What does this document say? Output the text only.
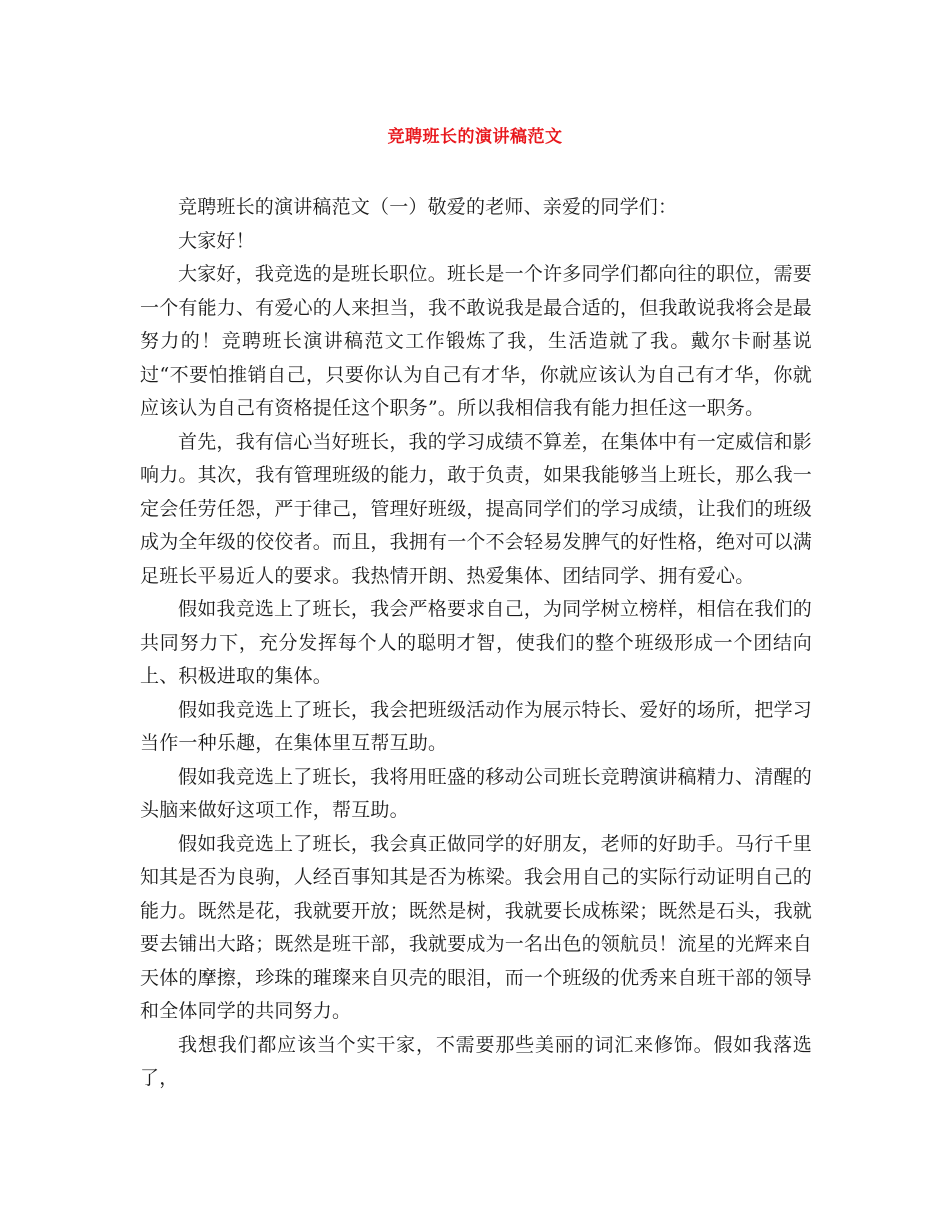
竞聘班长的演讲稿范文

竞聘班长的演讲稿范文（一）敬爱的老师、亲爱的同学们：

大家好！

大家好，我竞选的是班长职位。班长是一个许多同学们都向往的职位，需要一个有能力、有爱心的人来担当，我不敢说我是最合适的，但我敢说我将会是最努力的！竞聘班长演讲稿范文工作锻炼了我，生活造就了我。戴尔卡耐基说过“不要怕推销自己，只要你认为自己有才华，你就应该认为自己有才华，你就应该认为自己有资格提任这个职务”。所以我相信我有能力担任这一职务。

首先，我有信心当好班长，我的学习成绩不算差，在集体中有一定威信和影响力。其次，我有管理班级的能力，敢于负责，如果我能够当上班长，那么我一定会任劳任怨，严于律己，管理好班级，提高同学们的学习成绩，让我们的班级成为全年级的佼佼者。而且，我拥有一个不会轻易发脾气的好性格，绝对可以满足班长平易近人的要求。我热情开朗、热爱集体、团结同学、拥有爱心。

假如我竞选上了班长，我会严格要求自己，为同学树立榜样，相信在我们的共同努力下，充分发挥每个人的聪明才智，使我们的整个班级形成一个团结向上、积极进取的集体。

假如我竞选上了班长，我会把班级活动作为展示特长、爱好的场所，把学习当作一种乐趣，在集体里互帮互助。

假如我竞选上了班长，我将用旺盛的移动公司班长竞聘演讲稿精力、清醒的头脑来做好这项工作，帮互助。

假如我竞选上了班长，我会真正做同学的好朋友，老师的好助手。马行千里知其是否为良驹，人经百事知其是否为栋梁。我会用自己的实际行动证明自己的能力。既然是花，我就要开放；既然是树，我就要长成栋梁；既然是石头，我就要去铺出大路；既然是班干部，我就要成为一名出色的领航员！流星的光辉来自天体的摩擦，珍珠的璀璨来自贝壳的眼泪，而一个班级的优秀来自班干部的领导和全体同学的共同努力。

我想我们都应该当个实干家，不需要那些美丽的词汇来修饰。假如我落选了，
